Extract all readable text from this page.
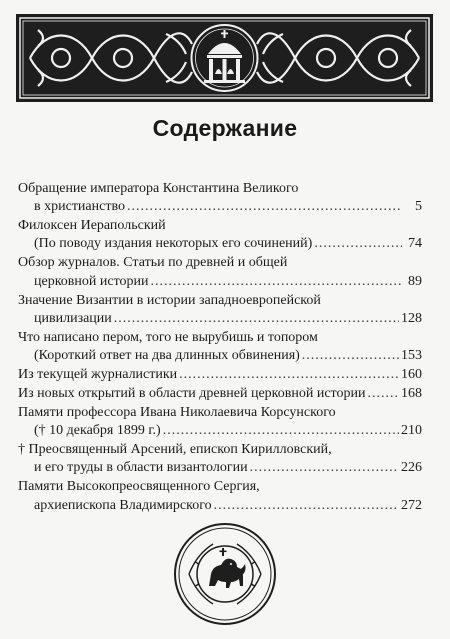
Содержание
Обращение императора Константина Великого
в христианство .....	5
Филоксен Иерапольский
(По поводу издания некоторых его сочинений) .....	74
Обзор журналов. Статьи по древней и общей
церковной истории .....	89
Значение Византии в истории западноевропейской
цивилизации .....	128
Что написано пером, того не вырубишь и топором
(Короткий ответ на два длинных обвинения) .....	153
Из текущей журналистики .....	160
Из новых открытий в области древней церковной истории .....	168
Памяти профессора Ивана Николаевича Корсунского
(† 10 декабря 1899 г.) .....	210
† Преосвященный Арсений, епископ Кирилловский,
и его труды в области византологии .....	226
Памяти Высокопреосвященного Сергия,
архиепископа Владимирского .....	272
